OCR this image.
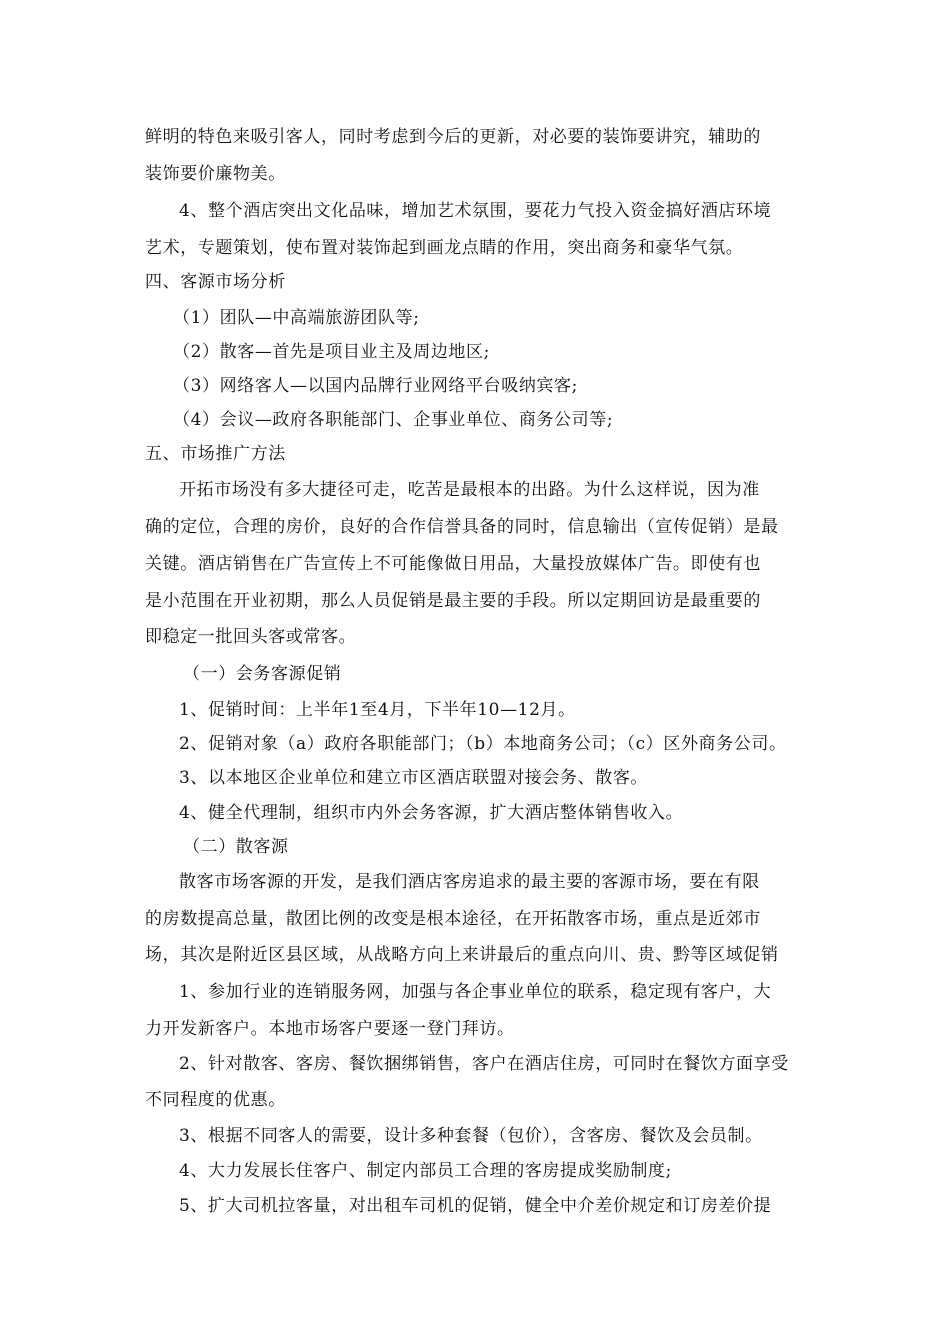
鲜明的特色来吸引客人，同时考虑到今后的更新，对必要的装饰要讲究，辅助的
装饰要价廉物美。
4、整个酒店突出文化品味，增加艺术氛围，要花力气投入资金搞好酒店环境
艺术，专题策划，使布置对装饰起到画龙点睛的作用，突出商务和豪华气氛。
四、客源市场分析
（1）团队—中高端旅游团队等;
（2）散客—首先是项目业主及周边地区;
（3）网络客人—以国内品牌行业网络平台吸纳宾客;
（4）会议—政府各职能部门、企事业单位、商务公司等;
五、市场推广方法
开拓市场没有多大捷径可走，吃苦是最根本的出路。为什么这样说，因为准
确的定位，合理的房价，良好的合作信誉具备的同时，信息输出（宣传促销）是最
关键。酒店销售在广告宣传上不可能像做日用品，大量投放媒体广告。即使有也
是小范围在开业初期，那么人员促销是最主要的手段。所以定期回访是最重要的
即稳定一批回头客或常客。
（一）会务客源促销
1、促销时间：上半年1至4月，下半年10—12月。
2、促销对象（a）政府各职能部门；（b）本地商务公司；（c）区外商务公司。
3、以本地区企业单位和建立市区酒店联盟对接会务、散客。
4、健全代理制，组织市内外会务客源，扩大酒店整体销售收入。
（二）散客源
散客市场客源的开发，是我们酒店客房追求的最主要的客源市场，要在有限
的房数提高总量，散团比例的改变是根本途径，在开拓散客市场，重点是近郊市
场，其次是附近区县区域，从战略方向上来讲最后的重点向川、贵、黔等区域促销
1、参加行业的连销服务网，加强与各企事业单位的联系，稳定现有客户，大
力开发新客户。本地市场客户要逐一登门拜访。
2、针对散客、客房、餐饮捆绑销售，客户在酒店住房，可同时在餐饮方面享受
不同程度的优惠。
3、根据不同客人的需要，设计多种套餐（包价），含客房、餐饮及会员制。
4、大力发展长住客户、制定内部员工合理的客房提成奖励制度;
5、扩大司机拉客量，对出租车司机的促销，健全中介差价规定和订房差价提
